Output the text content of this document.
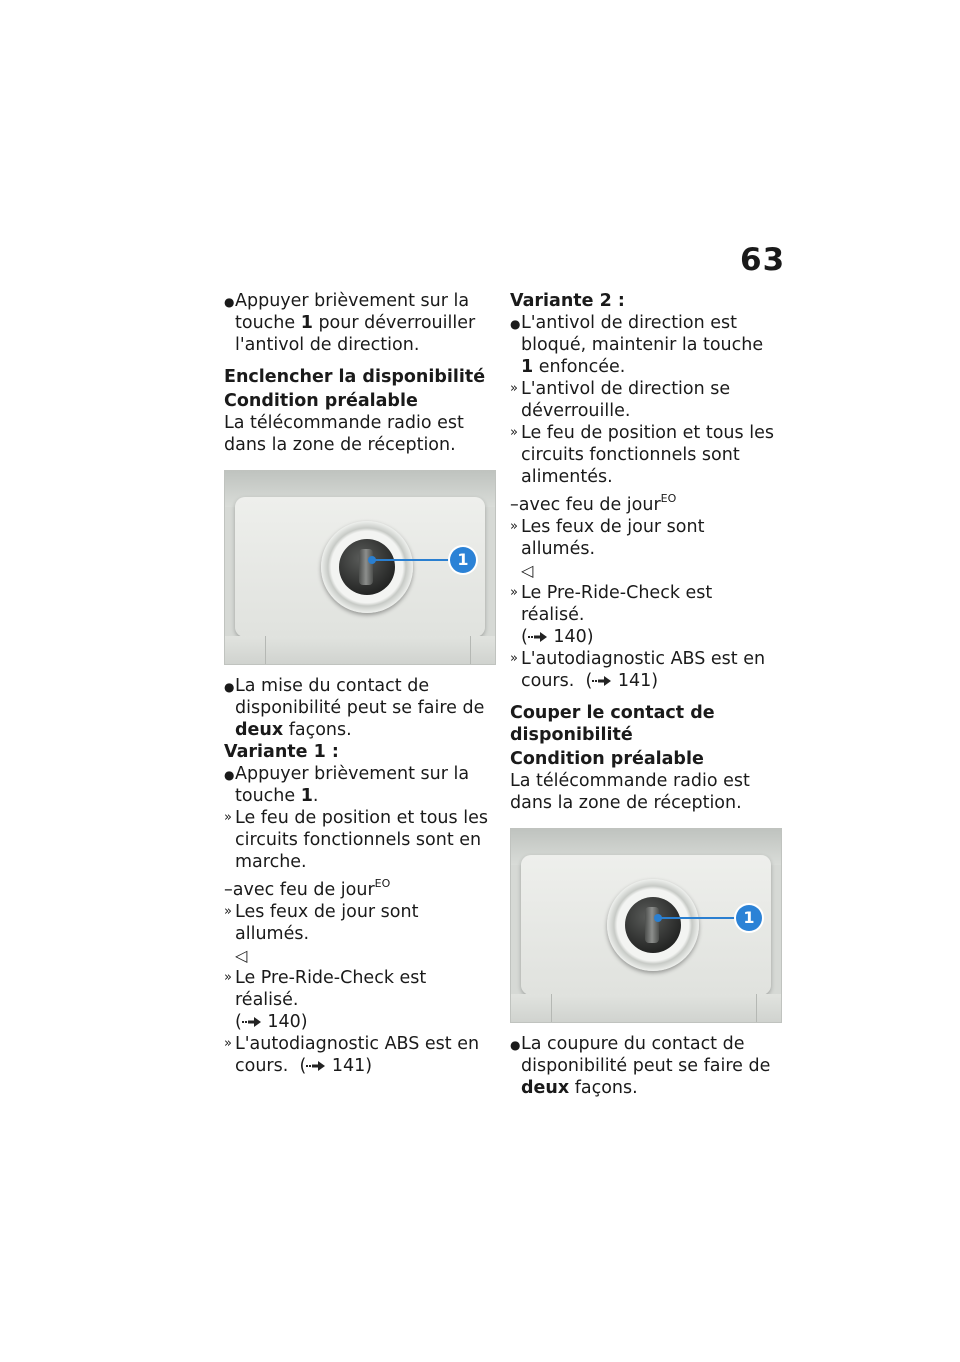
63
● Appuyer brièvement sur la touche 1 pour déverrouiller l'antivol de direction.
Enclencher la disponibilité
Condition préalable
La télécommande radio est dans la zone de réception.
1
● La mise du contact de disponibilité peut se faire de deux façons.
Variante 1 :
● Appuyer brièvement sur la touche 1.
» Le feu de position et tous les circuits fonctionnels sont en marche.
–avec feu de jour$^{EO}$
» Les feux de jour sont allumés.
◁
» Le Pre-Ride-Check est réalisé.
( 140)
» L'autodiagnostic ABS est en cours. ( 141)
Variante 2 :
● L'antivol de direction est bloqué, maintenir la touche 1 enfoncée.
» L'antivol de direction se déverrouille.
» Le feu de position et tous les circuits fonctionnels sont alimentés.
–avec feu de jour$^{EO}$
» Les feux de jour sont allumés.
◁
» Le Pre-Ride-Check est réalisé.
( 140)
» L'autodiagnostic ABS est en cours. ( 141)
Couper le contact de disponibilité
Condition préalable
La télécommande radio est dans la zone de réception.
1
● La coupure du contact de disponibilité peut se faire de deux façons.
